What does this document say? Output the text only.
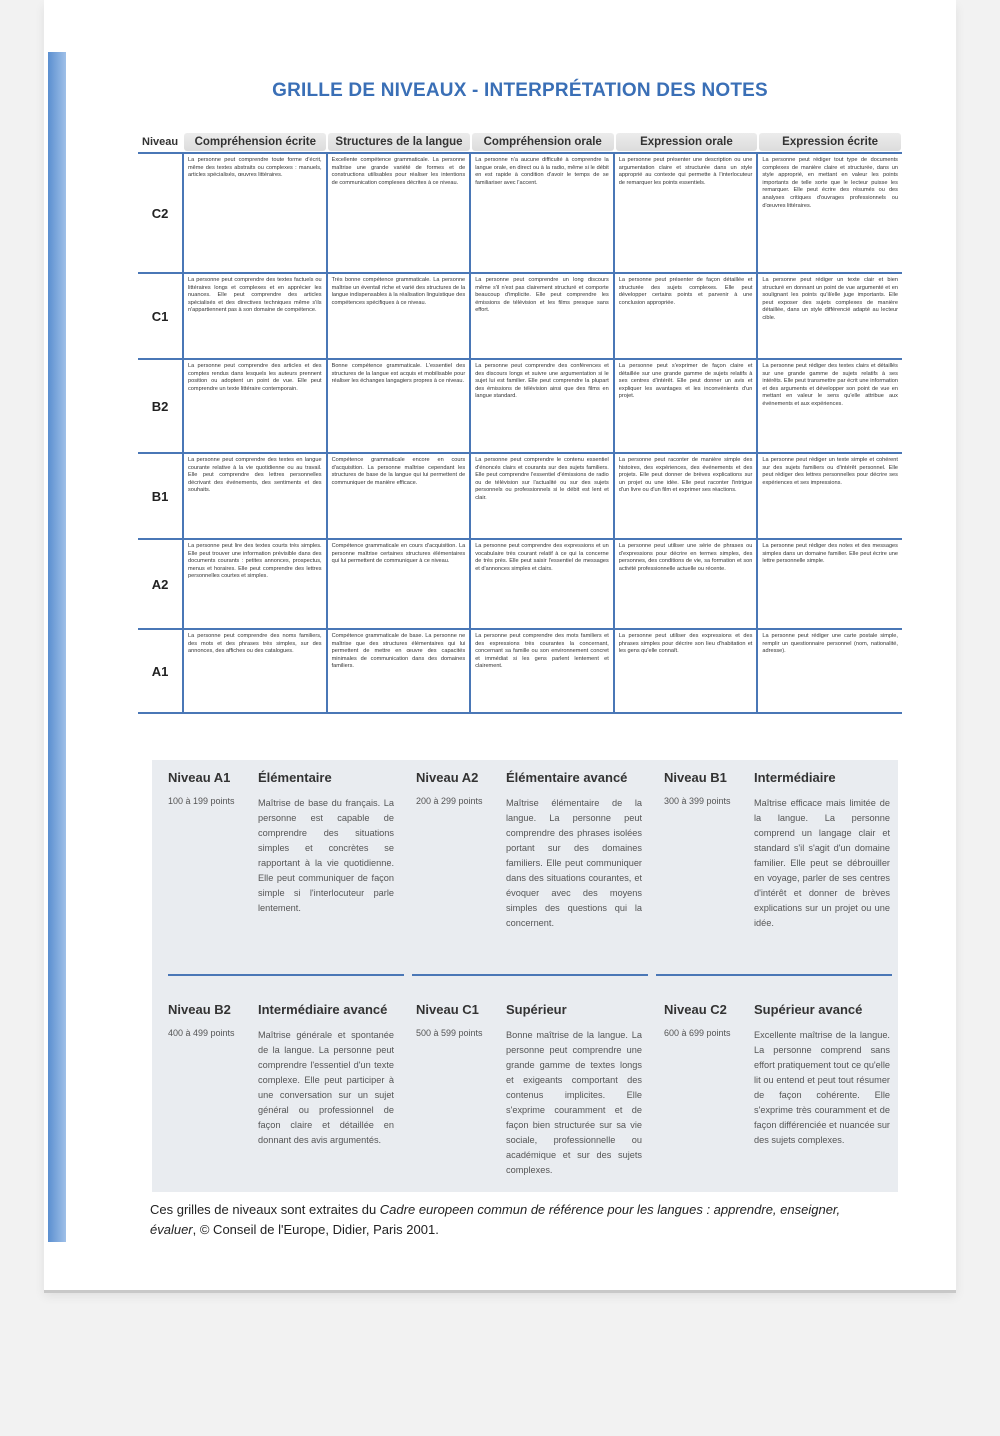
GRILLE DE NIVEAUX - INTERPRÉTATION DES NOTES
Niveau	Compréhension écrite	Structures de la langue	Compréhension orale	Expression orale	Expression écrite
C2
La personne peut comprendre toute forme d'écrit, même des textes abstraits ou complexes : manuels, articles spécialisés, œuvres littéraires.
Excellente compétence grammaticale. La personne maîtrise une grande variété de formes et de constructions utilisables pour réaliser les intentions de communication complexes décrites à ce niveau.
La personne n'a aucune difficulté à comprendre la langue orale, en direct ou à la radio, même si le débit en est rapide à condition d'avoir le temps de se familiariser avec l'accent.
La personne peut présenter une description ou une argumentation claire et structurée dans un style approprié au contexte qui permette à l'interlocuteur de remarquer les points essentiels.
La personne peut rédiger tout type de documents complexes de manière claire et structurée, dans un style approprié, en mettant en valeur les points importants de telle sorte que le lecteur puisse les remarquer. Elle peut écrire des résumés ou des analyses critiques d'ouvrages professionnels ou d'œuvres littéraires.
C1
La personne peut comprendre des textes factuels ou littéraires longs et complexes et en apprécier les nuances. Elle peut comprendre des articles spécialisés et des directives techniques même s'ils n'appartiennent pas à son domaine de compétence.
Très bonne compétence grammaticale. La personne maîtrise un éventail riche et varié des structures de la langue indispensables à la réalisation linguistique des compétences spécifiques à ce niveau.
La personne peut comprendre un long discours même s'il n'est pas clairement structuré et comporte beaucoup d'implicite. Elle peut comprendre les émissions de télévision et les films presque sans effort.
La personne peut présenter de façon détaillée et structurée des sujets complexes. Elle peut développer certains points et parvenir à une conclusion appropriée.
La personne peut rédiger un texte clair et bien structuré en donnant un point de vue argumenté et en soulignant les points qu'il/elle juge importants. Elle peut exposer des sujets complexes de manière détaillée, dans un style différencié adapté au lecteur cible.
B2
La personne peut comprendre des articles et des comptes rendus dans lesquels les auteurs prennent position ou adoptent un point de vue. Elle peut comprendre un texte littéraire contemporain.
Bonne compétence grammaticale. L'essentiel des structures de la langue est acquis et mobilisable pour réaliser les échanges langagiers propres à ce niveau.
La personne peut comprendre des conférences et des discours longs et suivre une argumentation si le sujet lui est familier. Elle peut comprendre la plupart des émissions de télévision ainsi que des films en langue standard.
La personne peut s'exprimer de façon claire et détaillée sur une grande gamme de sujets relatifs à ses centres d'intérêt. Elle peut donner un avis et expliquer les avantages et les inconvénients d'un projet.
La personne peut rédiger des textes clairs et détaillés sur une grande gamme de sujets relatifs à ses intérêts. Elle peut transmettre par écrit une information et des arguments et développer son point de vue en mettant en valeur le sens qu'elle attribue aux événements et aux expériences.
B1
La personne peut comprendre des textes en langue courante relative à la vie quotidienne ou au travail. Elle peut comprendre des lettres personnelles décrivant des événements, des sentiments et des souhaits.
Compétence grammaticale encore en cours d'acquisition. La personne maîtrise cependant les structures de base de la langue qui lui permettent de communiquer de manière efficace.
La personne peut comprendre le contenu essentiel d'énoncés clairs et courants sur des sujets familiers. Elle peut comprendre l'essentiel d'émissions de radio ou de télévision sur l'actualité ou sur des sujets personnels ou professionnels si le débit est lent et clair.
La personne peut raconter de manière simple des histoires, des expériences, des événements et des projets. Elle peut donner de brèves explications sur un projet ou une idée. Elle peut raconter l'intrigue d'un livre ou d'un film et exprimer ses réactions.
La personne peut rédiger un texte simple et cohérent sur des sujets familiers ou d'intérêt personnel. Elle peut rédiger des lettres personnelles pour décrire ses expériences et ses impressions.
A2
La personne peut lire des textes courts très simples. Elle peut trouver une information prévisible dans des documents courants : petites annonces, prospectus, menus et horaires. Elle peut comprendre des lettres personnelles courtes et simples.
Compétence grammaticale en cours d'acquisition. La personne maîtrise certaines structures élémentaires qui lui permettent de communiquer à ce niveau.
La personne peut comprendre des expressions et un vocabulaire très courant relatif à ce qui la concerne de très près. Elle peut saisir l'essentiel de messages et d'annonces simples et clairs.
La personne peut utiliser une série de phrases ou d'expressions pour décrire en termes simples, des personnes, des conditions de vie, sa formation et son activité professionnelle actuelle ou récente.
La personne peut rédiger des notes et des messages simples dans un domaine familier. Elle peut écrire une lettre personnelle simple.
A1
La personne peut comprendre des noms familiers, des mots et des phrases très simples, sur des annonces, des affiches ou des catalogues.
Compétence grammaticale de base. La personne ne maîtrise que des structures élémentaires qui lui permettent de mettre en œuvre des capacités minimales de communication dans des domaines familiers.
La personne peut comprendre des mots familiers et des expressions très courantes la concernant, concernant sa famille ou son environnement concret et immédiat si les gens parlent lentement et clairement.
La personne peut utiliser des expressions et des phrases simples pour décrire son lieu d'habitation et les gens qu'elle connaît.
La personne peut rédiger une carte postale simple, remplir un questionnaire personnel (nom, nationalité, adresse).
Niveau A1 Élémentaire
100 à 199 points	Maîtrise de base du français. La personne est capable de comprendre des situations simples et concrètes se rapportant à la vie quotidienne. Elle peut communiquer de façon simple si l'interlocuteur parle lentement.
Niveau A2 Élémentaire avancé
200 à 299 points	Maîtrise élémentaire de la langue. La personne peut comprendre des phrases isolées portant sur des domaines familiers. Elle peut communiquer dans des situations courantes, et évoquer avec des moyens simples des questions qui la concernent.
Niveau B1 Intermédiaire
300 à 399 points	Maîtrise efficace mais limitée de la langue. La personne comprend un langage clair et standard s'il s'agit d'un domaine familier. Elle peut se débrouiller en voyage, parler de ses centres d'intérêt et donner de brèves explications sur un projet ou une idée.
Niveau B2 Intermédiaire avancé
400 à 499 points	Maîtrise générale et spontanée de la langue. La personne peut comprendre l'essentiel d'un texte complexe. Elle peut participer à une conversation sur un sujet général ou professionnel de façon claire et détaillée en donnant des avis argumentés.
Niveau C1 Supérieur
500 à 599 points	Bonne maîtrise de la langue. La personne peut comprendre une grande gamme de textes longs et exigeants comportant des contenus implicites. Elle s'exprime couramment et de façon bien structurée sur sa vie sociale, professionnelle ou académique et sur des sujets complexes.
Niveau C2 Supérieur avancé
600 à 699 points	Excellente maîtrise de la langue. La personne comprend sans effort pratiquement tout ce qu'elle lit ou entend et peut tout résumer de façon cohérente. Elle s'exprime très couramment et de façon différenciée et nuancée sur des sujets complexes.
Ces grilles de niveaux sont extraites du Cadre europeen commun de référence pour les langues : apprendre, enseigner, évaluer, © Conseil de l'Europe, Didier, Paris 2001.
